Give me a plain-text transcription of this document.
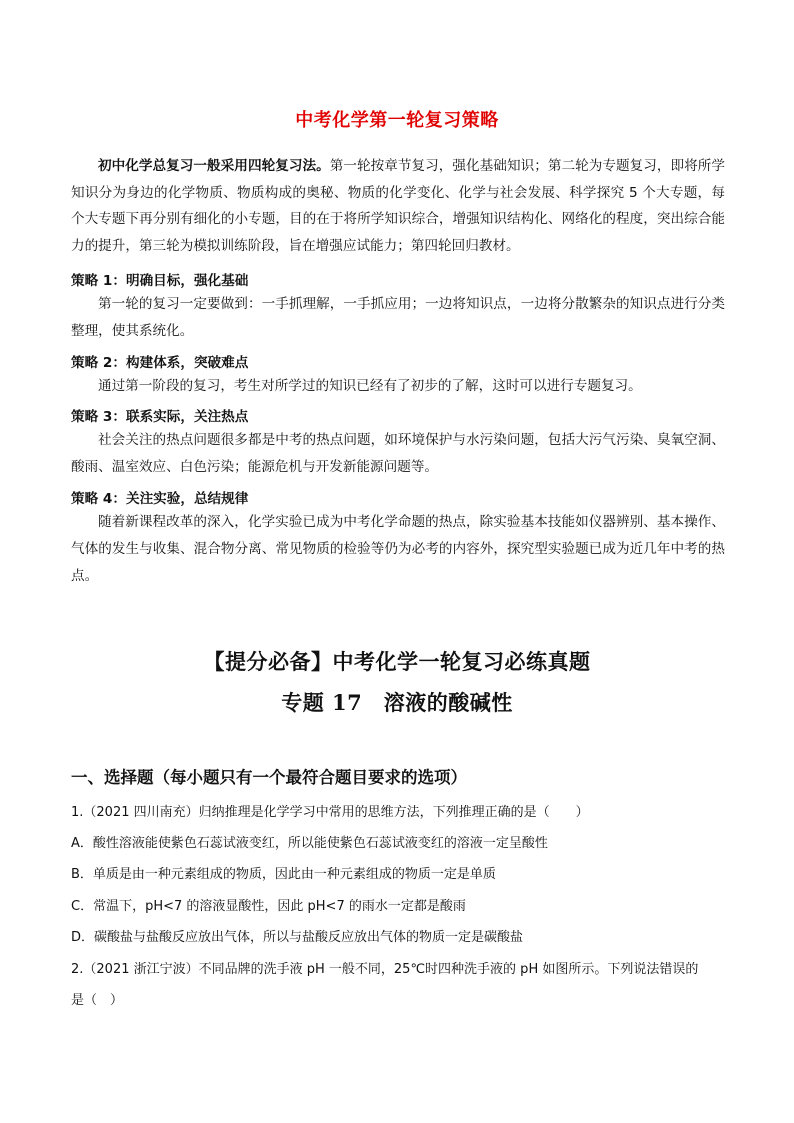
中考化学第一轮复习策略

初中化学总复习一般采用四轮复习法。第一轮按章节复习，强化基础知识；第二轮为专题复习，即将所学知识分为身边的化学物质、物质构成的奥秘、物质的化学变化、化学与社会发展、科学探究 5 个大专题，每个大专题下再分别有细化的小专题，目的在于将所学知识综合，增强知识结构化、网络化的程度，突出综合能力的提升，第三轮为模拟训练阶段，旨在增强应试能力；第四轮回归教材。

策略 1：明确目标，强化基础

第一轮的复习一定要做到：一手抓理解，一手抓应用；一边将知识点，一边将分散繁杂的知识点进行分类整理，使其系统化。

策略 2：构建体系，突破难点

通过第一阶段的复习，考生对所学过的知识已经有了初步的了解，这时可以进行专题复习。

策略 3：联系实际，关注热点

社会关注的热点问题很多都是中考的热点问题，如环境保护与水污染问题，包括大污气污染、臭氧空洞、酸雨、温室效应、白色污染；能源危机与开发新能源问题等。

策略 4：关注实验，总结规律

随着新课程改革的深入，化学实验已成为中考化学命题的热点，除实验基本技能如仪器辨别、基本操作、气体的发生与收集、混合物分离、常见物质的检验等仍为必考的内容外，探究型实验题已成为近几年中考的热点。

【提分必备】中考化学一轮复习必练真题
专题 17　溶液的酸碱性

一、选择题（每小题只有一个最符合题目要求的选项）

1.（2021 四川南充）归纳推理是化学学习中常用的思维方法，下列推理正确的是（　　）

A．酸性溶液能使紫色石蕊试液变红，所以能使紫色石蕊试液变红的溶液一定呈酸性

B．单质是由一种元素组成的物质，因此由一种元素组成的物质一定是单质

C．常温下，pH<7 的溶液显酸性，因此 pH<7 的雨水一定都是酸雨

D．碳酸盐与盐酸反应放出气体，所以与盐酸反应放出气体的物质一定是碳酸盐

2.（2021 浙江宁波）不同品牌的洗手液 pH 一般不同，25℃时四种洗手液的 pH 如图所示。下列说法错误的

是（　）
